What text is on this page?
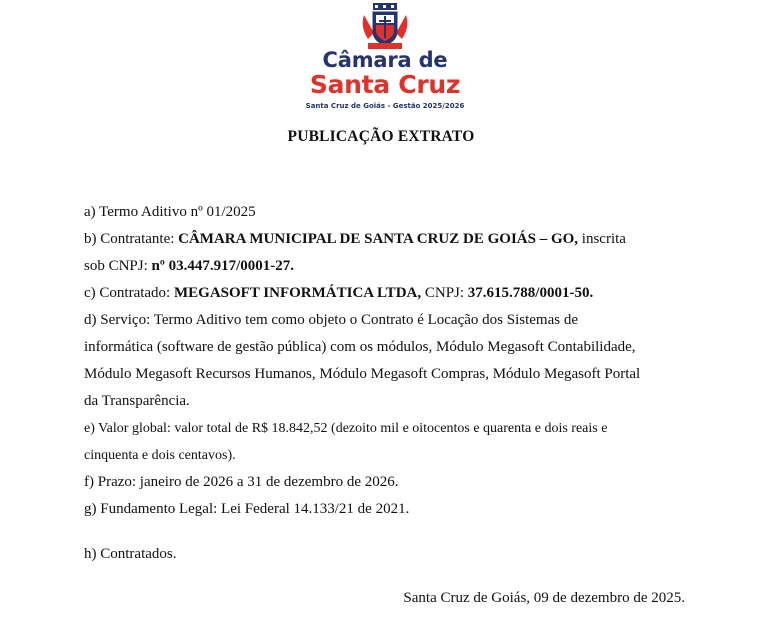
Câmara de
Santa Cruz
Santa Cruz de Goiás - Gestão 2025/2026
PUBLICAÇÃO EXTRATO
a) Termo Aditivo nº 01/2025
b) Contratante: CÂMARA MUNICIPAL DE SANTA CRUZ DE GOIÁS – GO, inscrita
sob CNPJ: nº 03.447.917/0001-27.
c) Contratado: MEGASOFT INFORMÁTICA LTDA, CNPJ: 37.615.788/0001-50.
d) Serviço: Termo Aditivo tem como objeto o Contrato é Locação dos Sistemas de
informática (software de gestão pública) com os módulos, Módulo Megasoft Contabilidade,
Módulo Megasoft Recursos Humanos, Módulo Megasoft Compras, Módulo Megasoft Portal
da Transparência.
e) Valor global: valor total de R$ 18.842,52 (dezoito mil e oitocentos e quarenta e dois reais e
cinquenta e dois centavos).
f) Prazo: janeiro de 2026 a 31 de dezembro de 2026.
g) Fundamento Legal: Lei Federal 14.133/21 de 2021.
h) Contratados.
Santa Cruz de Goiás, 09 de dezembro de 2025.
